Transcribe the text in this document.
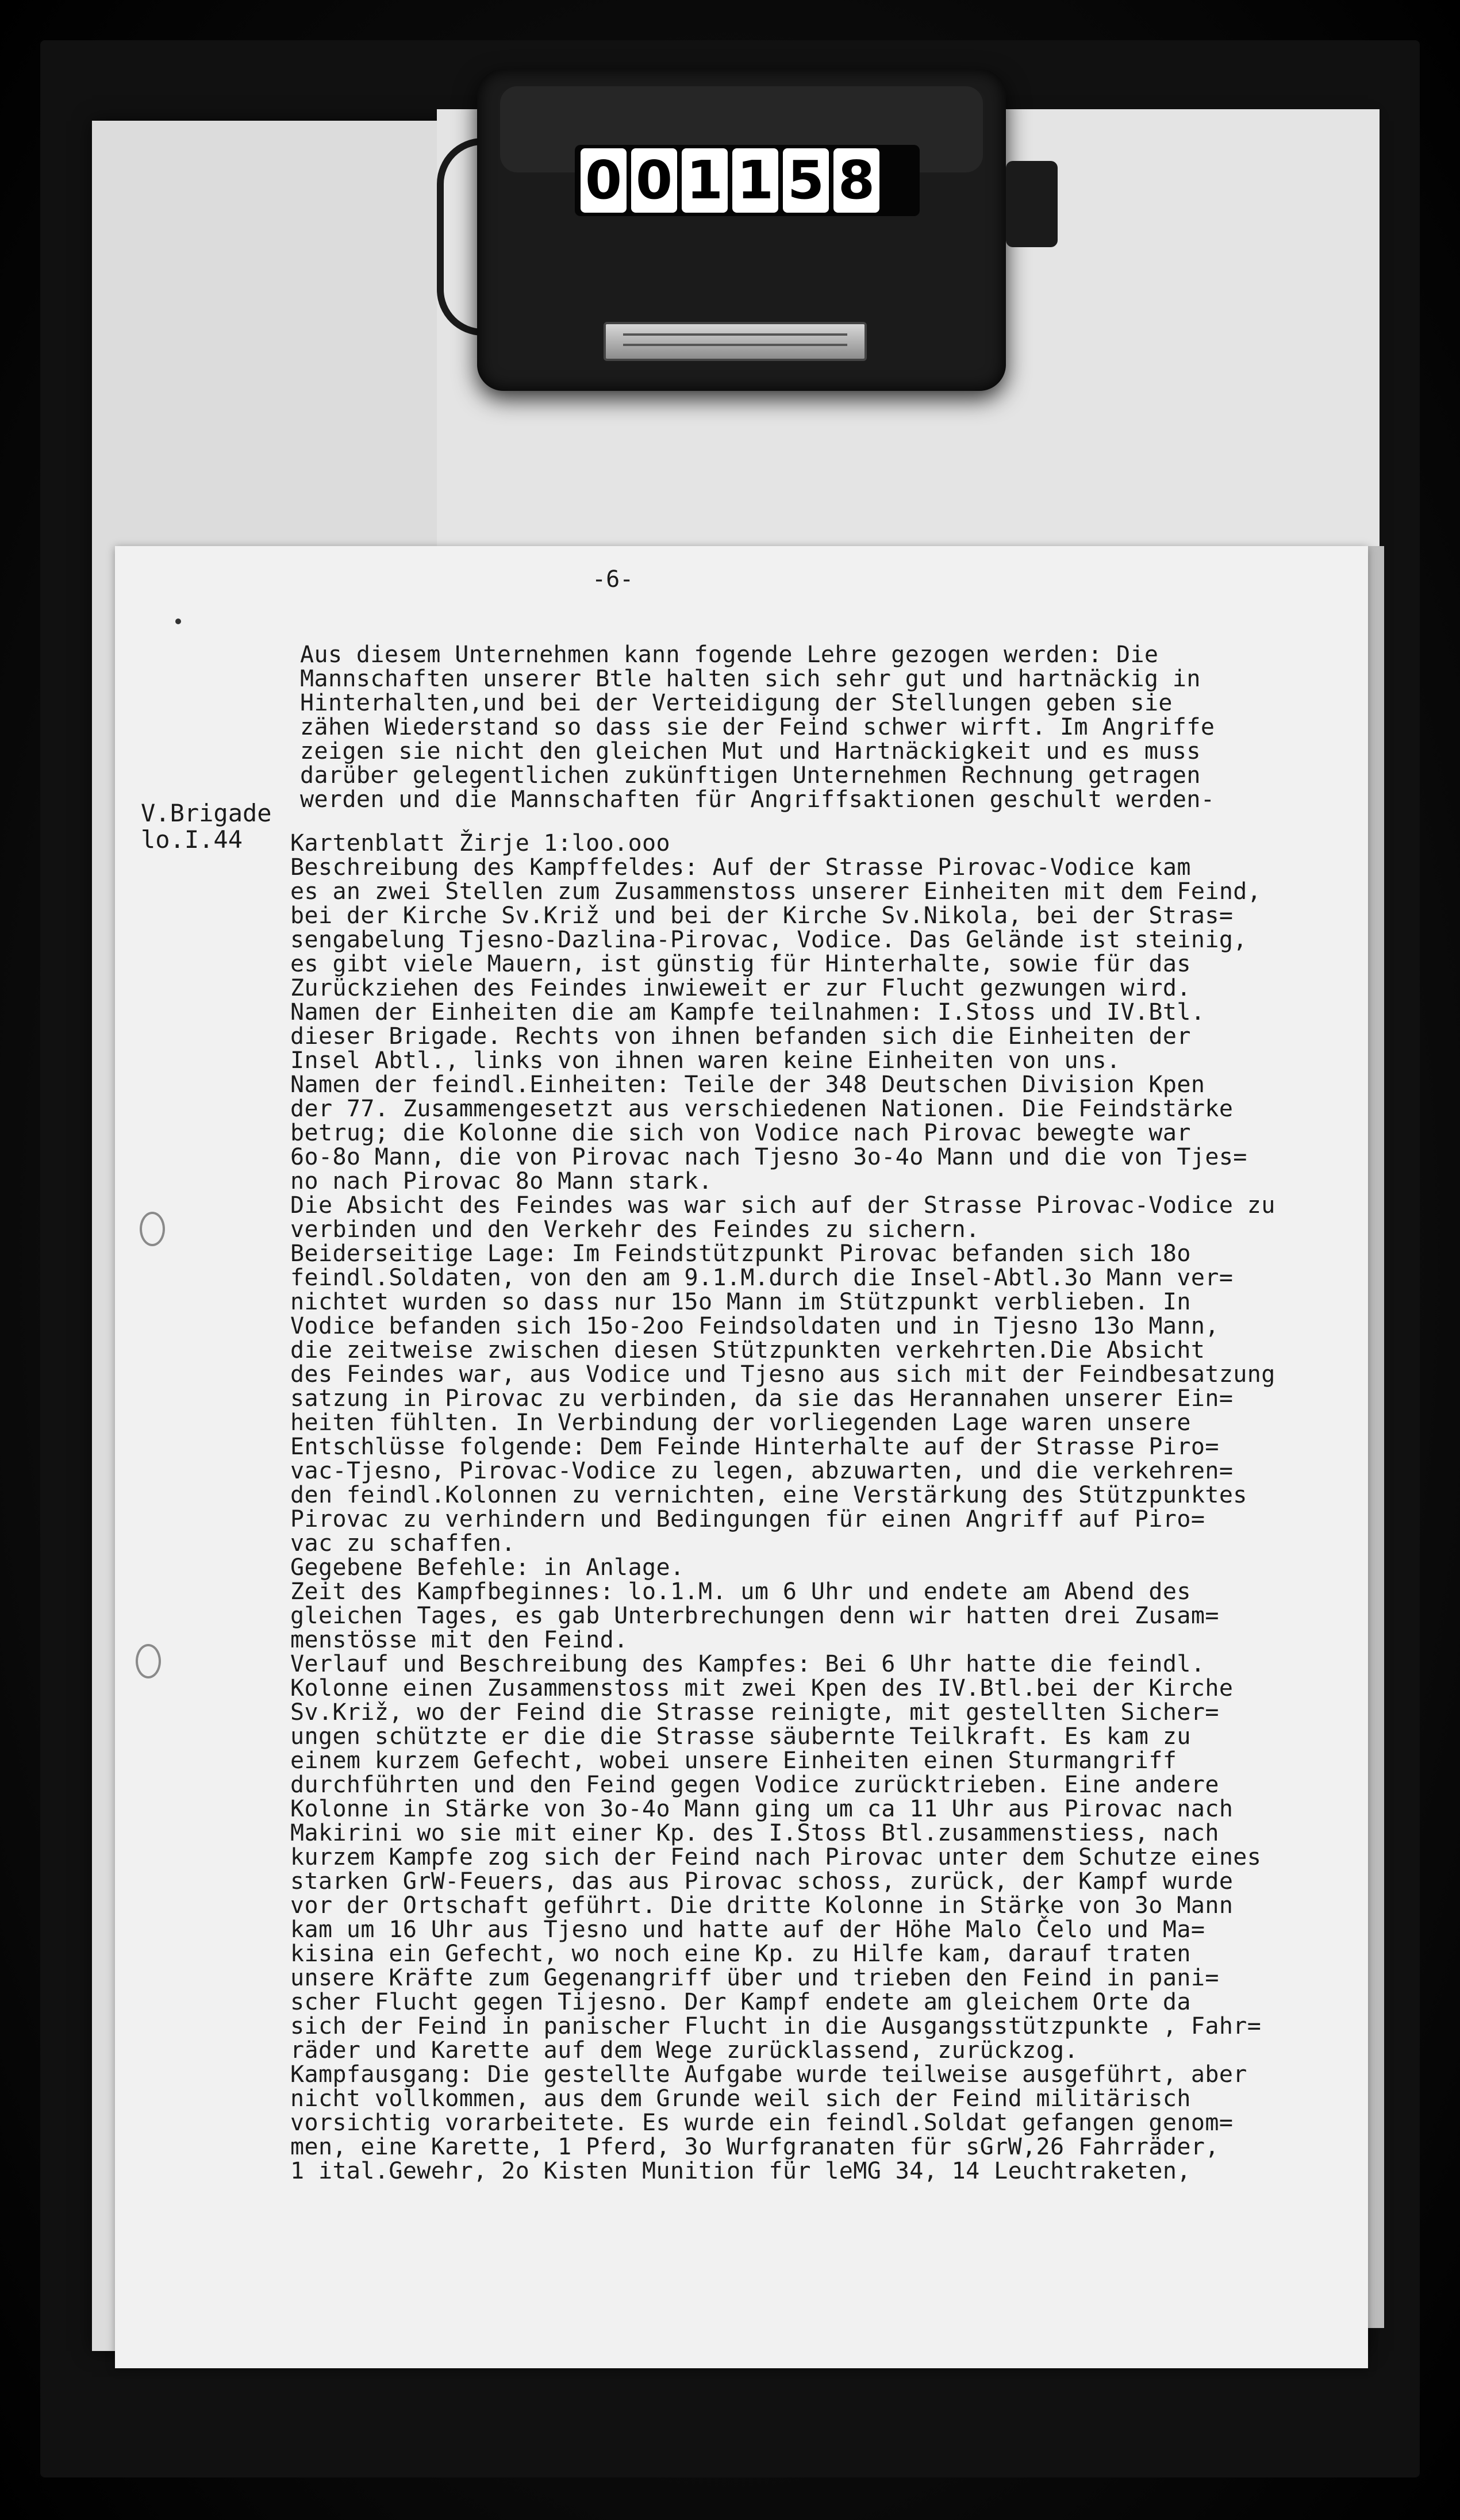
0 0 1 1 5 8
-6-
V.Brigade
lo.I.44
Aus diesem Unternehmen kann fogende Lehre gezogen werden: Die
Mannschaften unserer Btle halten sich sehr gut und hartnäckig in
Hinterhalten,und bei der Verteidigung der Stellungen geben sie
zähen Wiederstand so dass sie der Feind schwer wirft. Im Angriffe
zeigen sie nicht den gleichen Mut und Hartnäckigkeit und es muss
darüber gelegentlichen zukünftigen Unternehmen Rechnung getragen
werden und die Mannschaften für Angriffsaktionen geschult werden-
Kartenblatt Žirje 1:loo.ooo
Beschreibung des Kampffeldes: Auf der Strasse Pirovac-Vodice kam
es an zwei Stellen zum Zusammenstoss unserer Einheiten mit dem Feind,
bei der Kirche Sv.Križ und bei der Kirche Sv.Nikola, bei der Stras=
sengabelung Tjesno-Dazlina-Pirovac, Vodice. Das Gelände ist steinig,
es gibt viele Mauern, ist günstig für Hinterhalte, sowie für das
Zurückziehen des Feindes inwieweit er zur Flucht gezwungen wird.
Namen der Einheiten die am Kampfe teilnahmen: I.Stoss und IV.Btl.
dieser Brigade. Rechts von ihnen befanden sich die Einheiten der
Insel Abtl., links von ihnen waren keine Einheiten von uns.
Namen der feindl.Einheiten: Teile der 348 Deutschen Division Kpen
der 77. Zusammengesetzt aus verschiedenen Nationen. Die Feindstärke
betrug; die Kolonne die sich von Vodice nach Pirovac bewegte war
6o-8o Mann, die von Pirovac nach Tjesno 3o-4o Mann und die von Tjes=
no nach Pirovac 8o Mann stark.
Die Absicht des Feindes was war sich auf der Strasse Pirovac-Vodice zu
verbinden und den Verkehr des Feindes zu sichern.
Beiderseitige Lage: Im Feindstützpunkt Pirovac befanden sich 18o
feindl.Soldaten, von den am 9.1.M.durch die Insel-Abtl.3o Mann ver=
nichtet wurden so dass nur 15o Mann im Stützpunkt verblieben. In
Vodice befanden sich 15o-2oo Feindsoldaten und in Tjesno 13o Mann,
die zeitweise zwischen diesen Stützpunkten verkehrten.Die Absicht
des Feindes war, aus Vodice und Tjesno aus sich mit der Feindbesatzung
satzung in Pirovac zu verbinden, da sie das Herannahen unserer Ein=
heiten fühlten. In Verbindung der vorliegenden Lage waren unsere
Entschlüsse folgende: Dem Feinde Hinterhalte auf der Strasse Piro=
vac-Tjesno, Pirovac-Vodice zu legen, abzuwarten, und die verkehren=
den feindl.Kolonnen zu vernichten, eine Verstärkung des Stützpunktes
Pirovac zu verhindern und Bedingungen für einen Angriff auf Piro=
vac zu schaffen.
Gegebene Befehle: in Anlage.
Zeit des Kampfbeginnes: lo.1.M. um 6 Uhr und endete am Abend des
gleichen Tages, es gab Unterbrechungen denn wir hatten drei Zusam=
menstösse mit den Feind.
Verlauf und Beschreibung des Kampfes: Bei 6 Uhr hatte die feindl.
Kolonne einen Zusammenstoss mit zwei Kpen des IV.Btl.bei der Kirche
Sv.Križ, wo der Feind die Strasse reinigte, mit gestellten Sicher=
ungen schützte er die die Strasse säubernte Teilkraft. Es kam zu
einem kurzem Gefecht, wobei unsere Einheiten einen Sturmangriff
durchführten und den Feind gegen Vodice zurücktrieben. Eine andere
Kolonne in Stärke von 3o-4o Mann ging um ca 11 Uhr aus Pirovac nach
Makirini wo sie mit einer Kp. des I.Stoss Btl.zusammenstiess, nach
kurzem Kampfe zog sich der Feind nach Pirovac unter dem Schutze eines
starken GrW-Feuers, das aus Pirovac schoss, zurück, der Kampf wurde
vor der Ortschaft geführt. Die dritte Kolonne in Stärke von 3o Mann
kam um 16 Uhr aus Tjesno und hatte auf der Höhe Malo Čelo und Ma=
kisina ein Gefecht, wo noch eine Kp. zu Hilfe kam, darauf traten
unsere Kräfte zum Gegenangriff über und trieben den Feind in pani=
scher Flucht gegen Tijesno. Der Kampf endete am gleichem Orte da
sich der Feind in panischer Flucht in die Ausgangsstützpunkte , Fahr=
räder und Karette auf dem Wege zurücklassend, zurückzog.
Kampfausgang: Die gestellte Aufgabe wurde teilweise ausgeführt, aber
nicht vollkommen, aus dem Grunde weil sich der Feind militärisch
vorsichtig vorarbeitete. Es wurde ein feindl.Soldat gefangen genom=
men, eine Karette, 1 Pferd, 3o Wurfgranaten für sGrW,26 Fahrräder,
1 ital.Gewehr, 2o Kisten Munition für leMG 34, 14 Leuchtraketen,
